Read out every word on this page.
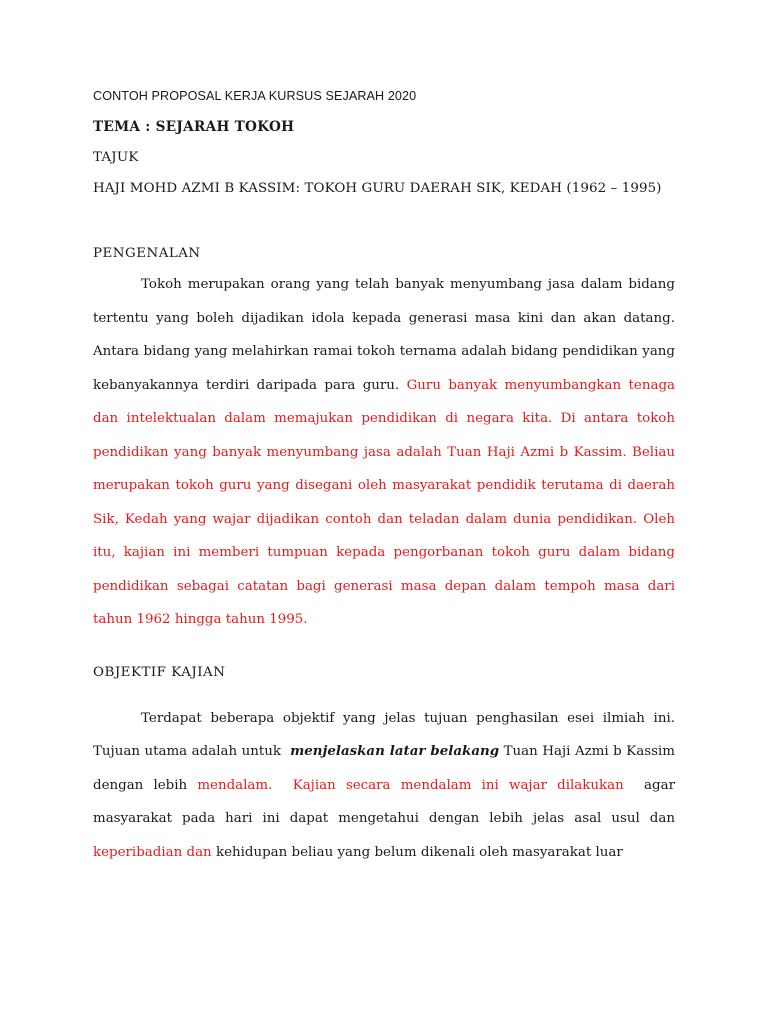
CONTOH PROPOSAL KERJA KURSUS SEJARAH 2020

TEMA : SEJARAH TOKOH
TAJUK
HAJI MOHD AZMI B KASSIM: TOKOH GURU DAERAH SIK, KEDAH (1962 – 1995)
PENGENALAN

Tokoh merupakan orang yang telah banyak menyumbang jasa dalam bidang tertentu yang boleh dijadikan idola kepada generasi masa kini dan akan datang. Antara bidang yang melahirkan ramai tokoh ternama adalah bidang pendidikan yang kebanyakannya terdiri daripada para guru. Guru banyak menyumbangkan tenaga dan intelektualan dalam memajukan pendidikan di negara kita. Di antara tokoh pendidikan yang banyak menyumbang jasa adalah Tuan Haji Azmi b Kassim. Beliau merupakan tokoh guru yang disegani oleh masyarakat pendidik terutama di daerah Sik, Kedah yang wajar dijadikan contoh dan teladan dalam dunia pendidikan. Oleh itu, kajian ini memberi tumpuan kepada pengorbanan tokoh guru dalam bidang pendidikan sebagai catatan bagi generasi masa depan dalam tempoh masa dari tahun 1962 hingga tahun 1995.

OBJEKTIF KAJIAN

Terdapat beberapa objektif yang jelas tujuan penghasilan esei ilmiah ini. Tujuan utama adalah untuk menjelaskan latar belakang Tuan Haji Azmi b Kassim dengan lebih mendalam. Kajian secara mendalam ini wajar dilakukan agar masyarakat pada hari ini dapat mengetahui dengan lebih jelas asal usul dan keperibadian dan kehidupan beliau yang belum dikenali oleh masyarakat luar
